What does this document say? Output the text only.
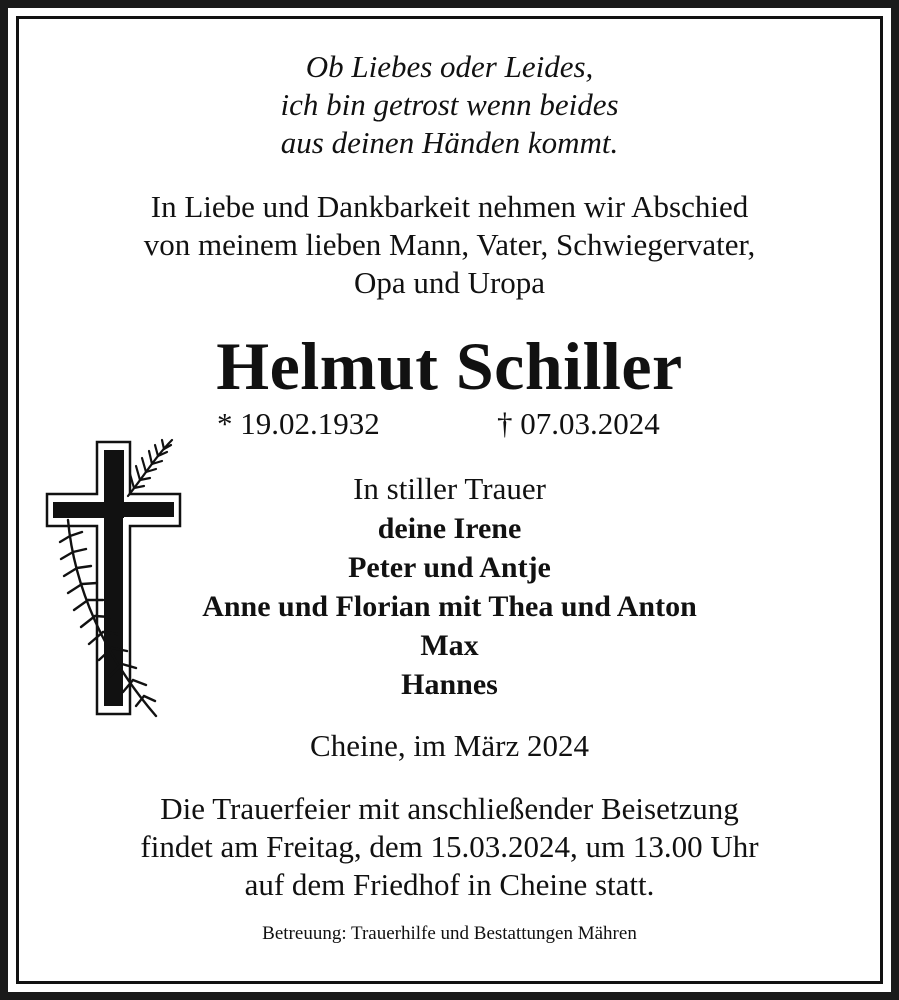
Ob Liebes oder Leides,
ich bin getrost wenn beides
aus deinen Händen kommt.
In Liebe und Dankbarkeit nehmen wir Abschied
von meinem lieben Mann, Vater, Schwiegervater,
Opa und Uropa
Helmut Schiller
* 19.02.1932	† 07.03.2024
In stiller Trauer
deine Irene
Peter und Antje
Anne und Florian mit Thea und Anton
Max
Hannes
Cheine, im März 2024
Die Trauerfeier mit anschließender Beisetzung
findet am Freitag, dem 15.03.2024, um 13.00 Uhr
auf dem Friedhof in Cheine statt.
Betreuung: Trauerhilfe und Bestattungen Mähren
